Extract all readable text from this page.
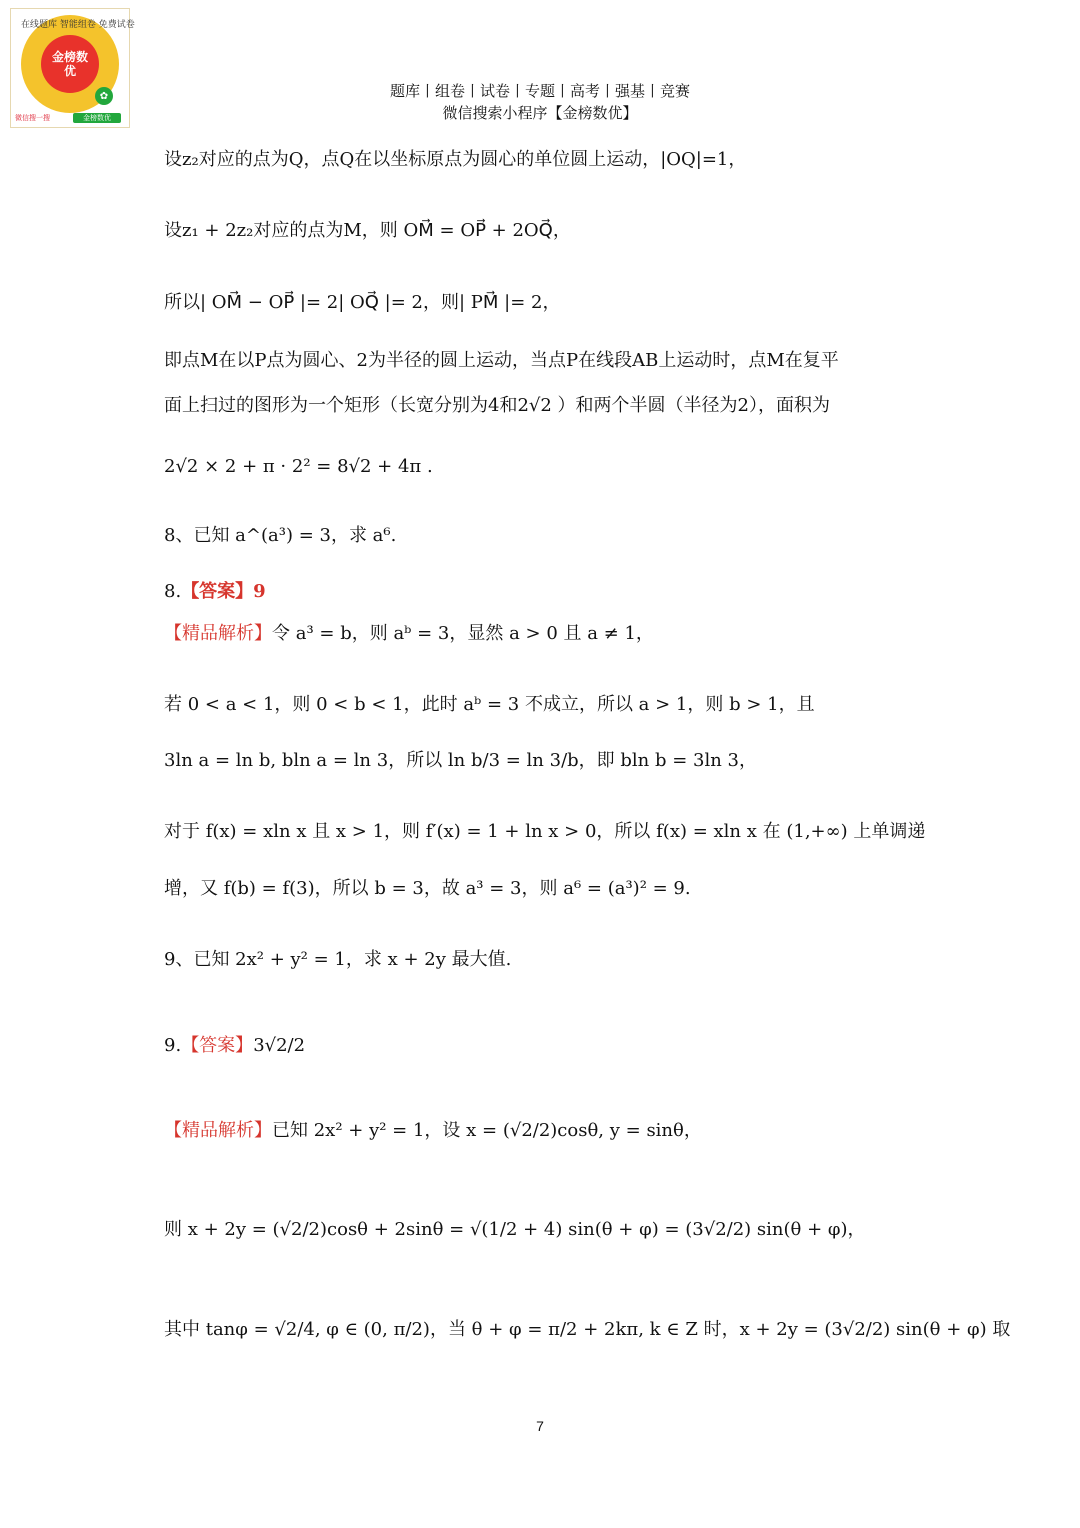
在线题库 智能组卷 免费试卷
金榜数优
✿
微信搜一搜	金榜数优
题库丨组卷丨试卷丨专题丨高考丨强基丨竞赛
微信搜索小程序【金榜数优】
设z₂对应的点为Q，点Q在以坐标原点为圆心的单位圆上运动，|OQ|=1，
设z₁ + 2z₂对应的点为M，则 OM⃗ = OP⃗ + 2OQ⃗，
所以| OM⃗ − OP⃗ |= 2| OQ⃗ |= 2，则| PM⃗ |= 2，
即点M在以P点为圆心、2为半径的圆上运动，当点P在线段AB上运动时，点M在复平
面上扫过的图形为一个矩形（长宽分别为4和2√2 ）和两个半圆（半径为2），面积为
2√2 × 2 + π · 2² = 8√2 + 4π .
8、已知 a^(a³) = 3，求 a⁶.
8.【答案】9
【精品解析】令 a³ = b，则 aᵇ = 3，显然 a > 0 且 a ≠ 1，
若 0 < a < 1，则 0 < b < 1，此时 aᵇ = 3 不成立，所以 a > 1，则 b > 1，且
3ln a = ln b, bln a = ln 3，所以 ln b/3 = ln 3/b，即 bln b = 3ln 3，
对于 f(x) = xln x 且 x > 1，则 f′(x) = 1 + ln x > 0，所以 f(x) = xln x 在 (1,+∞) 上单调递
增，又 f(b) = f(3)，所以 b = 3，故 a³ = 3，则 a⁶ = (a³)² = 9.
9、已知 2x² + y² = 1，求 x + 2y 最大值.
9.【答案】3√2/2
【精品解析】已知 2x² + y² = 1，设 x = (√2/2)cosθ, y = sinθ，
则 x + 2y = (√2/2)cosθ + 2sinθ = √(1/2 + 4) sin(θ + φ) = (3√2/2) sin(θ + φ)，
其中 tanφ = √2/4, φ ∈ (0, π/2)，当 θ + φ = π/2 + 2kπ, k ∈ Z 时，x + 2y = (3√2/2) sin(θ + φ) 取
7
